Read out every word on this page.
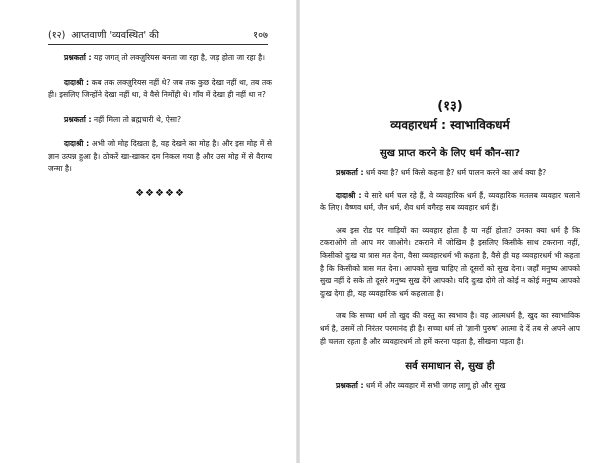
(१२) आप्तवाणी 'व्यवस्थित' की	१०७

प्रश्नकर्ता : यह जगत् तो लक्ज़ुरियस बनता जा रहा है, जड़ होता जा रहा है।

दादाश्री : कब तक लक्ज़ुरियस नहीं थे? जब तक कुछ देखा नहीं था, तब तक ही। इसलिए जिन्होंने देखा नहीं था, वे वैसे निर्मोही थे। गाँव में देखा ही नहीं था न?

प्रश्नकर्ता : नहीं मिला तो ब्रह्मचारी थे, ऐसा?

दादाश्री : अभी जो मोह दिखता है, वह देखने का मोह है। और इस मोह में से ज्ञान उत्पन्न हुआ है। ठोकरें खा-खाकर दम निकल गया है और उस मोह में से वैराग्य जन्मा है।

❖❖❖❖❖
(१३)
व्यवहारधर्म : स्वाभाविकधर्म
सुख प्राप्त करने के लिए धर्म कौन-सा?

प्रश्नकर्ता : धर्म क्या है? धर्म किसे कहना है? धर्म पालन करने का अर्थ क्या है?

दादाश्री : ये सारे धर्म चल रहे हैं, वे व्यवहारिक धर्म हैं, व्यवहारिक मतलब व्यवहार चलाने के लिए। वैष्णव धर्म, जैन धर्म, शैव धर्म वगैरह सब व्यवहार धर्म हैं।

अब इस रोड पर गाड़ियों का व्यवहार होता है या नहीं होता? उनका क्या धर्म है कि टकराओगे तो आप मर जाओगे। टकराने में जोखिम है इसलिए किसीके साथ टकराना नहीं, किसीको दुःख या त्रास मत देना, वैसा व्यवहारधर्म भी कहता है, वैसे ही यह व्यवहारधर्म भी कहता है कि किसीको त्रास मत देना। आपको सुख चाहिए तो दूसरों को सुख देना। जहाँ मनुष्य आपको सुख नहीं दे सके तो दूसरे मनुष्य सुख देंगे आपको। यदि दुःख दोगे तो कोई न कोई मनुष्य आपको दुःख देगा ही, यह व्यवहारिक धर्म कहलाता है।

जब कि सच्चा धर्म तो खुद की वस्तु का स्वभाव है। वह आत्मधर्म है, खुद का स्वाभाविक धर्म है, उसमें तो निरंतर परमानंद ही है। सच्चा धर्म तो 'ज्ञानी पुरुष' आत्मा दे दें तब से अपने आप ही चलता रहता है और व्यवहारधर्म तो हमें करना पड़ता है, सीखना पड़ता है।

सर्व समाधान से, सुख ही

प्रश्नकर्ता : धर्म में और व्यवहार में सभी जगह लागू हो और सुख
